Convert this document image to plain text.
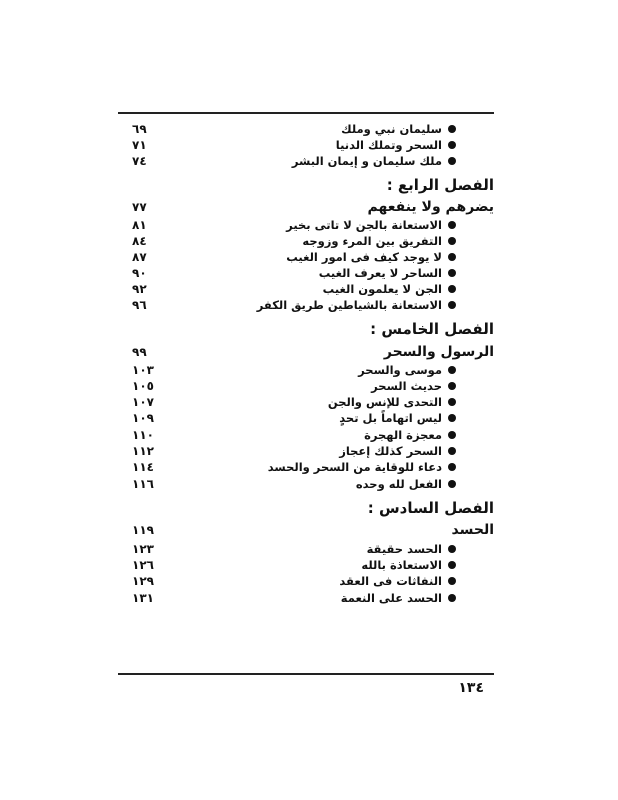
٦٩	سليمان نبي وملك
٧١	السحر وتملك الدنيا
٧٤	ملك سليمان و إيمان البشر
الفصل الرابع :
٧٧	يضرهم ولا ينفعهم
٨١	الاستعانة بالجن لا تاتى بخير
٨٤	التفريق بين المرء وزوجه
٨٧	لا يوجد كيف فى امور الغيب
٩٠	الساحر لا يعرف الغيب
٩٢	الجن لا يعلمون الغيب
٩٦	الاستعانة بالشياطين طريق الكفر
الفصل الخامس :
٩٩	الرسول والسحر
١٠٣	موسى والسحر
١٠٥	حديث السحر
١٠٧	التحدى للإنس والجن
١٠٩	ليس اتهاماً بل تحدٍ
١١٠	معجزة الهجرة
١١٢	السحر كذلك إعجاز
١١٤	دعاء للوقاية من السحر والحسد
١١٦	الفعل لله وحده
الفصل السادس :
١١٩	الحسد
١٢٣	الحسد حقيقة
١٢٦	الاستعاذة بالله
١٢٩	النفاثات فى العقد
١٣١	الحسد على النعمة
١٣٤
